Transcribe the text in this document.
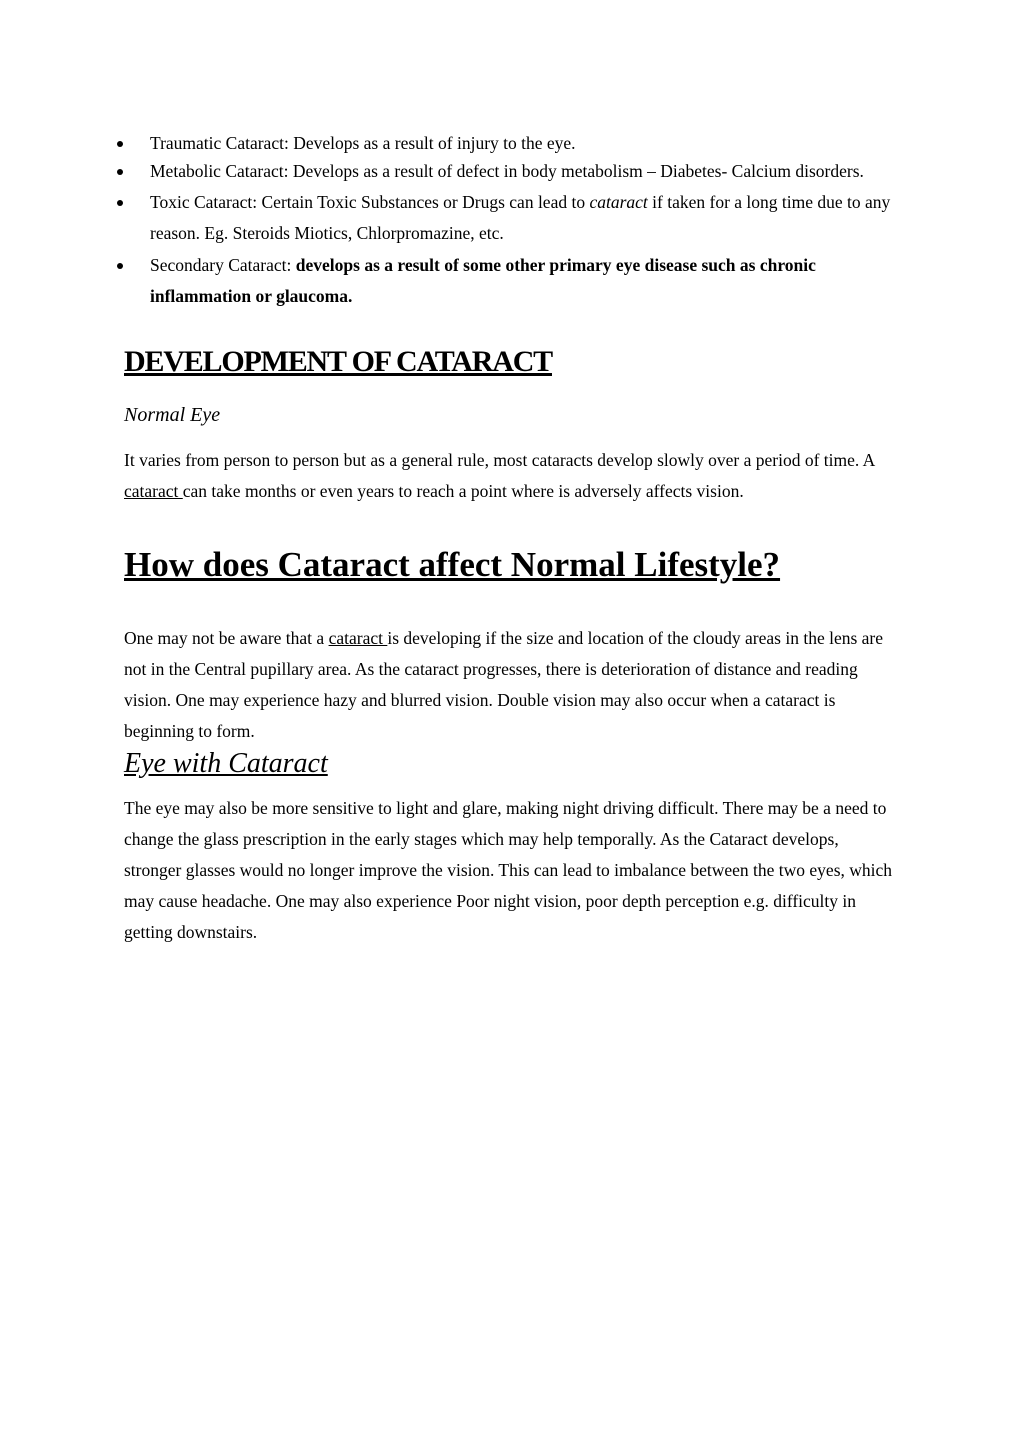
Traumatic Cataract: Develops as a result of injury to the eye.
Metabolic Cataract: Develops as a result of defect in body metabolism – Diabetes- Calcium disorders.
Toxic Cataract: Certain Toxic Substances or Drugs can lead to cataract if taken for a long time due to any reason. Eg. Steroids Miotics, Chlorpromazine, etc.
Secondary Cataract: develops as a result of some other primary eye disease such as chronic inflammation or glaucoma.
DEVELOPMENT OF CATARACT

Normal Eye

It varies from person to person but as a general rule, most cataracts develop slowly over a period of time. A cataract can take months or even years to reach a point where is adversely affects vision.

How does Cataract affect Normal Lifestyle?

One may not be aware that a cataract is developing if the size and location of the cloudy areas in the lens are not in the Central pupillary area. As the cataract progresses, there is deterioration of distance and reading vision. One may experience hazy and blurred vision. Double vision may also occur when a cataract is beginning to form.

Eye with Cataract

The eye may also be more sensitive to light and glare, making night driving difficult. There may be a need to change the glass prescription in the early stages which may help temporally. As the Cataract develops, stronger glasses would no longer improve the vision. This can lead to imbalance between the two eyes, which may cause headache. One may also experience Poor night vision, poor depth perception e.g. difficulty in getting downstairs.
